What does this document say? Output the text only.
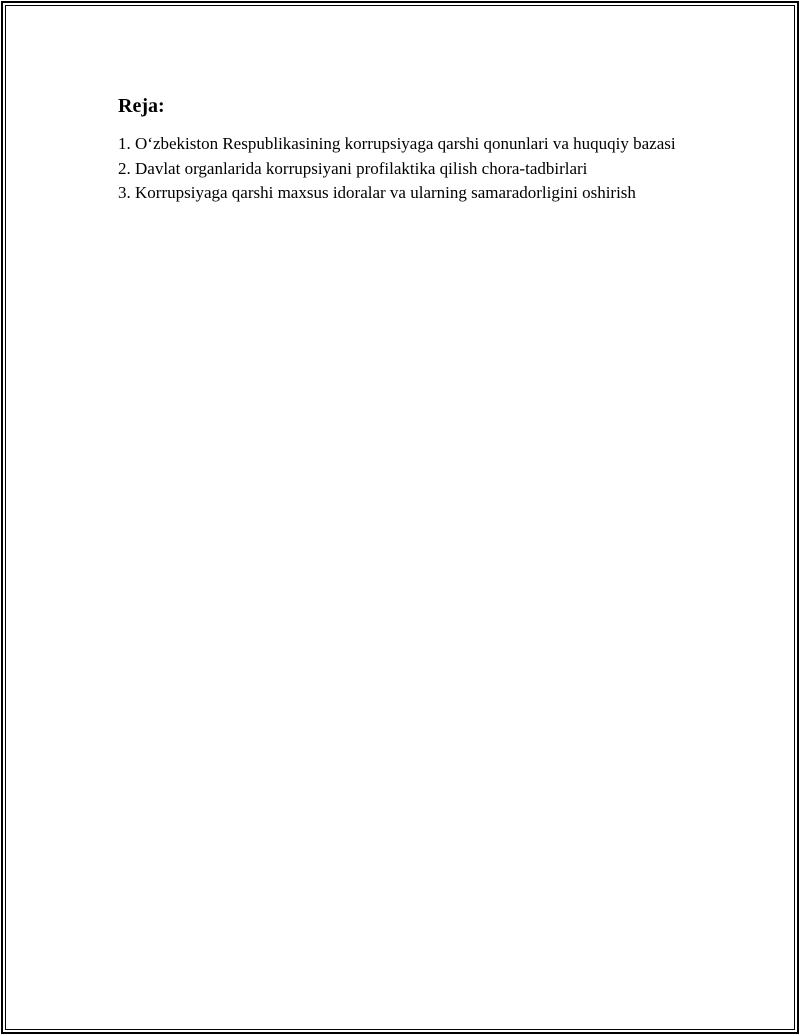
Reja:
1. O‘zbekiston Respublikasining korrupsiyaga qarshi qonunlari va huquqiy bazasi
2. Davlat organlarida korrupsiyani profilaktika qilish chora-tadbirlari
3. Korrupsiyaga qarshi maxsus idoralar va ularning samaradorligini oshirish
